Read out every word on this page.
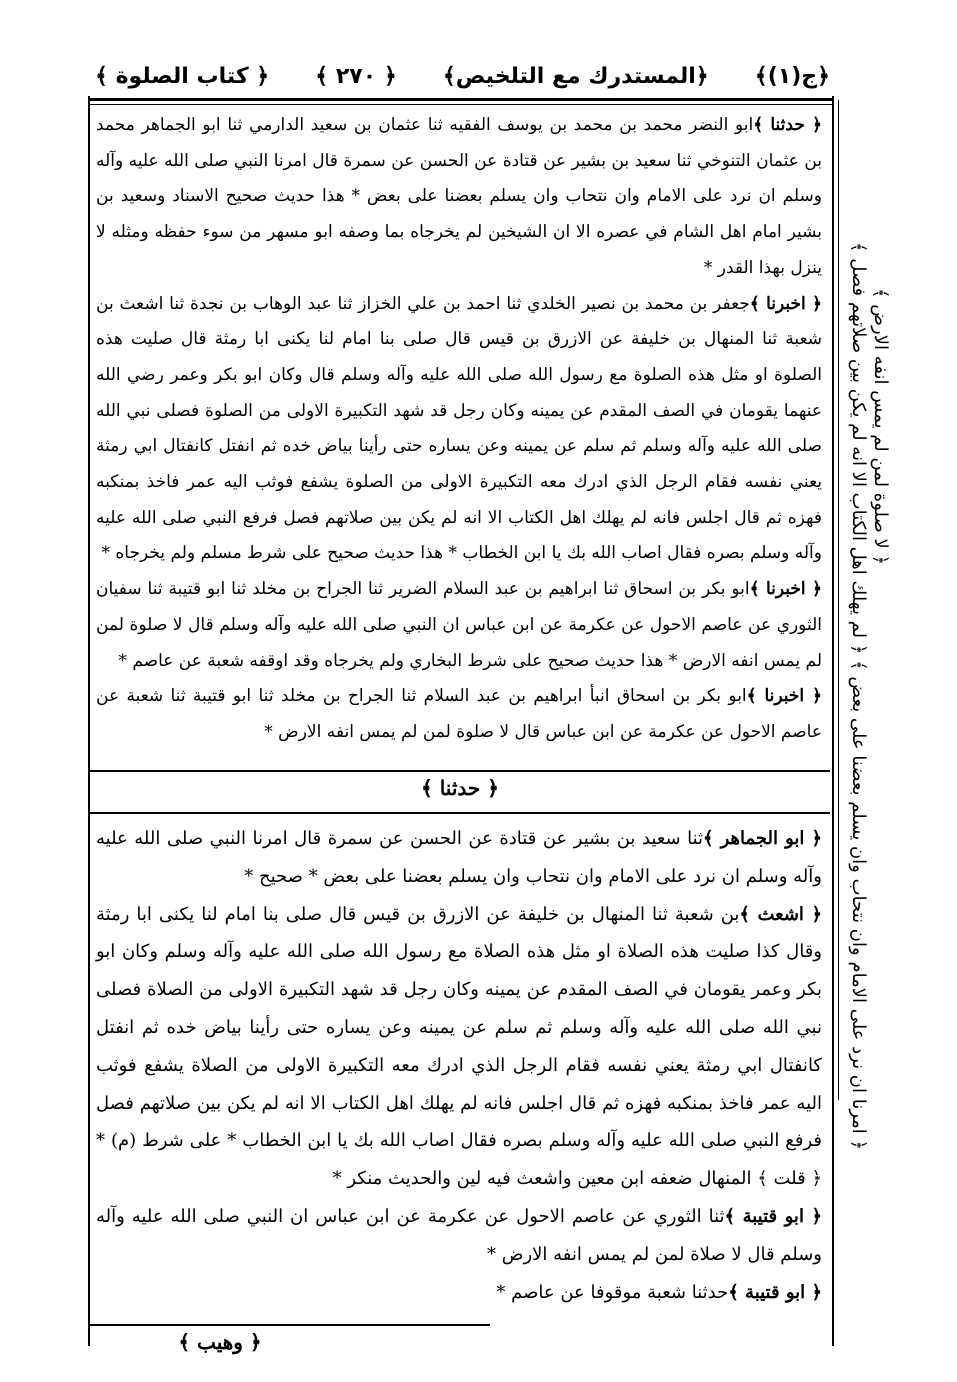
﴿ج(١)﴾
﴿المستدرك مع التلخيص﴾
﴿ ٢٧٠ ﴾
﴿ كتاب الصلوة ﴾

﴿ حدثنا ﴾ابو النضر محمد بن محمد بن يوسف الفقيه ثنا عثمان بن سعيد الدارمي ثنا ابو الجماهر محمد بن عثمان التنوخي ثنا سعيد بن بشير عن قتادة عن الحسن عن سمرة قال امرنا النبي صلى الله عليه وآله وسلم ان نرد على الامام وان نتحاب وان يسلم بعضنا على بعض * هذا حديث صحيح الاسناد وسعيد بن بشير امام اهل الشام في عصره الا ان الشيخين لم يخرجاه بما وصفه ابو مسهر من سوء حفظه ومثله لا ينزل بهذا القدر *

﴿ اخبرنا ﴾جعفر بن محمد بن نصير الخلدي ثنا احمد بن علي الخزاز ثنا عبد الوهاب بن نجدة ثنا اشعث بن شعبة ثنا المنهال بن خليفة عن الازرق بن قيس قال صلى بنا امام لنا يكنى ابا رمثة قال صليت هذه الصلوة او مثل هذه الصلوة مع رسول الله صلى الله عليه وآله وسلم قال وكان ابو بكر وعمر رضي الله عنهما يقومان في الصف المقدم عن يمينه وكان رجل قد شهد التكبيرة الاولى من الصلوة فصلى نبي الله صلى الله عليه وآله وسلم ثم سلم عن يمينه وعن يساره حتى رأينا بياض خده ثم انفتل كانفتال ابي رمثة يعني نفسه فقام الرجل الذي ادرك معه التكبيرة الاولى من الصلوة يشفع فوثب اليه عمر فاخذ بمنكبه فهزه ثم قال اجلس فانه لم يهلك اهل الكتاب الا انه لم يكن بين صلاتهم فصل فرفع النبي صلى الله عليه وآله وسلم بصره فقال اصاب الله بك يا ابن الخطاب * هذا حديث صحيح على شرط مسلم ولم يخرجاه *

﴿ اخبرنا ﴾ابو بكر بن اسحاق ثنا ابراهيم بن عبد السلام الضرير ثنا الجراح بن مخلد ثنا ابو قتيبة ثنا سفيان الثوري عن عاصم الاحول عن عكرمة عن ابن عباس ان النبي صلى الله عليه وآله وسلم قال لا صلوة لمن لم يمس انفه الارض * هذا حديث صحيح على شرط البخاري ولم يخرجاه وقد اوقفه شعبة عن عاصم *

﴿ اخبرنا ﴾ابو بكر بن اسحاق انبأ ابراهيم بن عبد السلام ثنا الجراح بن مخلد ثنا ابو قتيبة ثنا شعبة عن عاصم الاحول عن عكرمة عن ابن عباس قال لا صلوة لمن لم يمس انفه الارض *

﴿ حدثنا ﴾

﴿ ابو الجماهر ﴾ثنا سعيد بن بشير عن قتادة عن الحسن عن سمرة قال امرنا النبي صلى الله عليه وآله وسلم ان نرد على الامام وان نتحاب وان يسلم بعضنا على بعض * صحيح *

﴿ اشعث ﴾بن شعبة ثنا المنهال بن خليفة عن الازرق بن قيس قال صلى بنا امام لنا يكنى ابا رمثة وقال كذا صليت هذه الصلاة او مثل هذه الصلاة مع رسول الله صلى الله عليه وآله وسلم وكان ابو بكر وعمر يقومان في الصف المقدم عن يمينه وكان رجل قد شهد التكبيرة الاولى من الصلاة فصلى نبي الله صلى الله عليه وآله وسلم ثم سلم عن يمينه وعن يساره حتى رأينا بياض خده ثم انفتل كانفتال ابي رمثة يعني نفسه فقام الرجل الذي ادرك معه التكبيرة الاولى من الصلاة يشفع فوثب اليه عمر فاخذ بمنكبه فهزه ثم قال اجلس فانه لم يهلك اهل الكتاب الا انه لم يكن بين صلاتهم فصل فرفع النبي صلى الله عليه وآله وسلم بصره فقال اصاب الله بك يا ابن الخطاب * على شرط (م) * ﴿ قلت ﴾ المنهال ضعفه ابن معين واشعث فيه لين والحديث منكر *

﴿ ابو قتيبة ﴾ثنا الثوري عن عاصم الاحول عن عكرمة عن ابن عباس ان النبي صلى الله عليه وآله وسلم قال لا صلاة لمن لم يمس انفه الارض *

﴿ ابو قتيبة ﴾حدثنا شعبة موقوفا عن عاصم *

﴿ لا صلوة لمن لم يمس انفه الارض ﴾
﴿ امرنا ان نرد على الامام وان نتحاب وان يسلم بعضنا على بعض ﴾ ﴿ لم يهلك اهل الكتاب الا انه لم يكن بين صلاتهم فصل ﴾
﴿ وهيب ﴾
